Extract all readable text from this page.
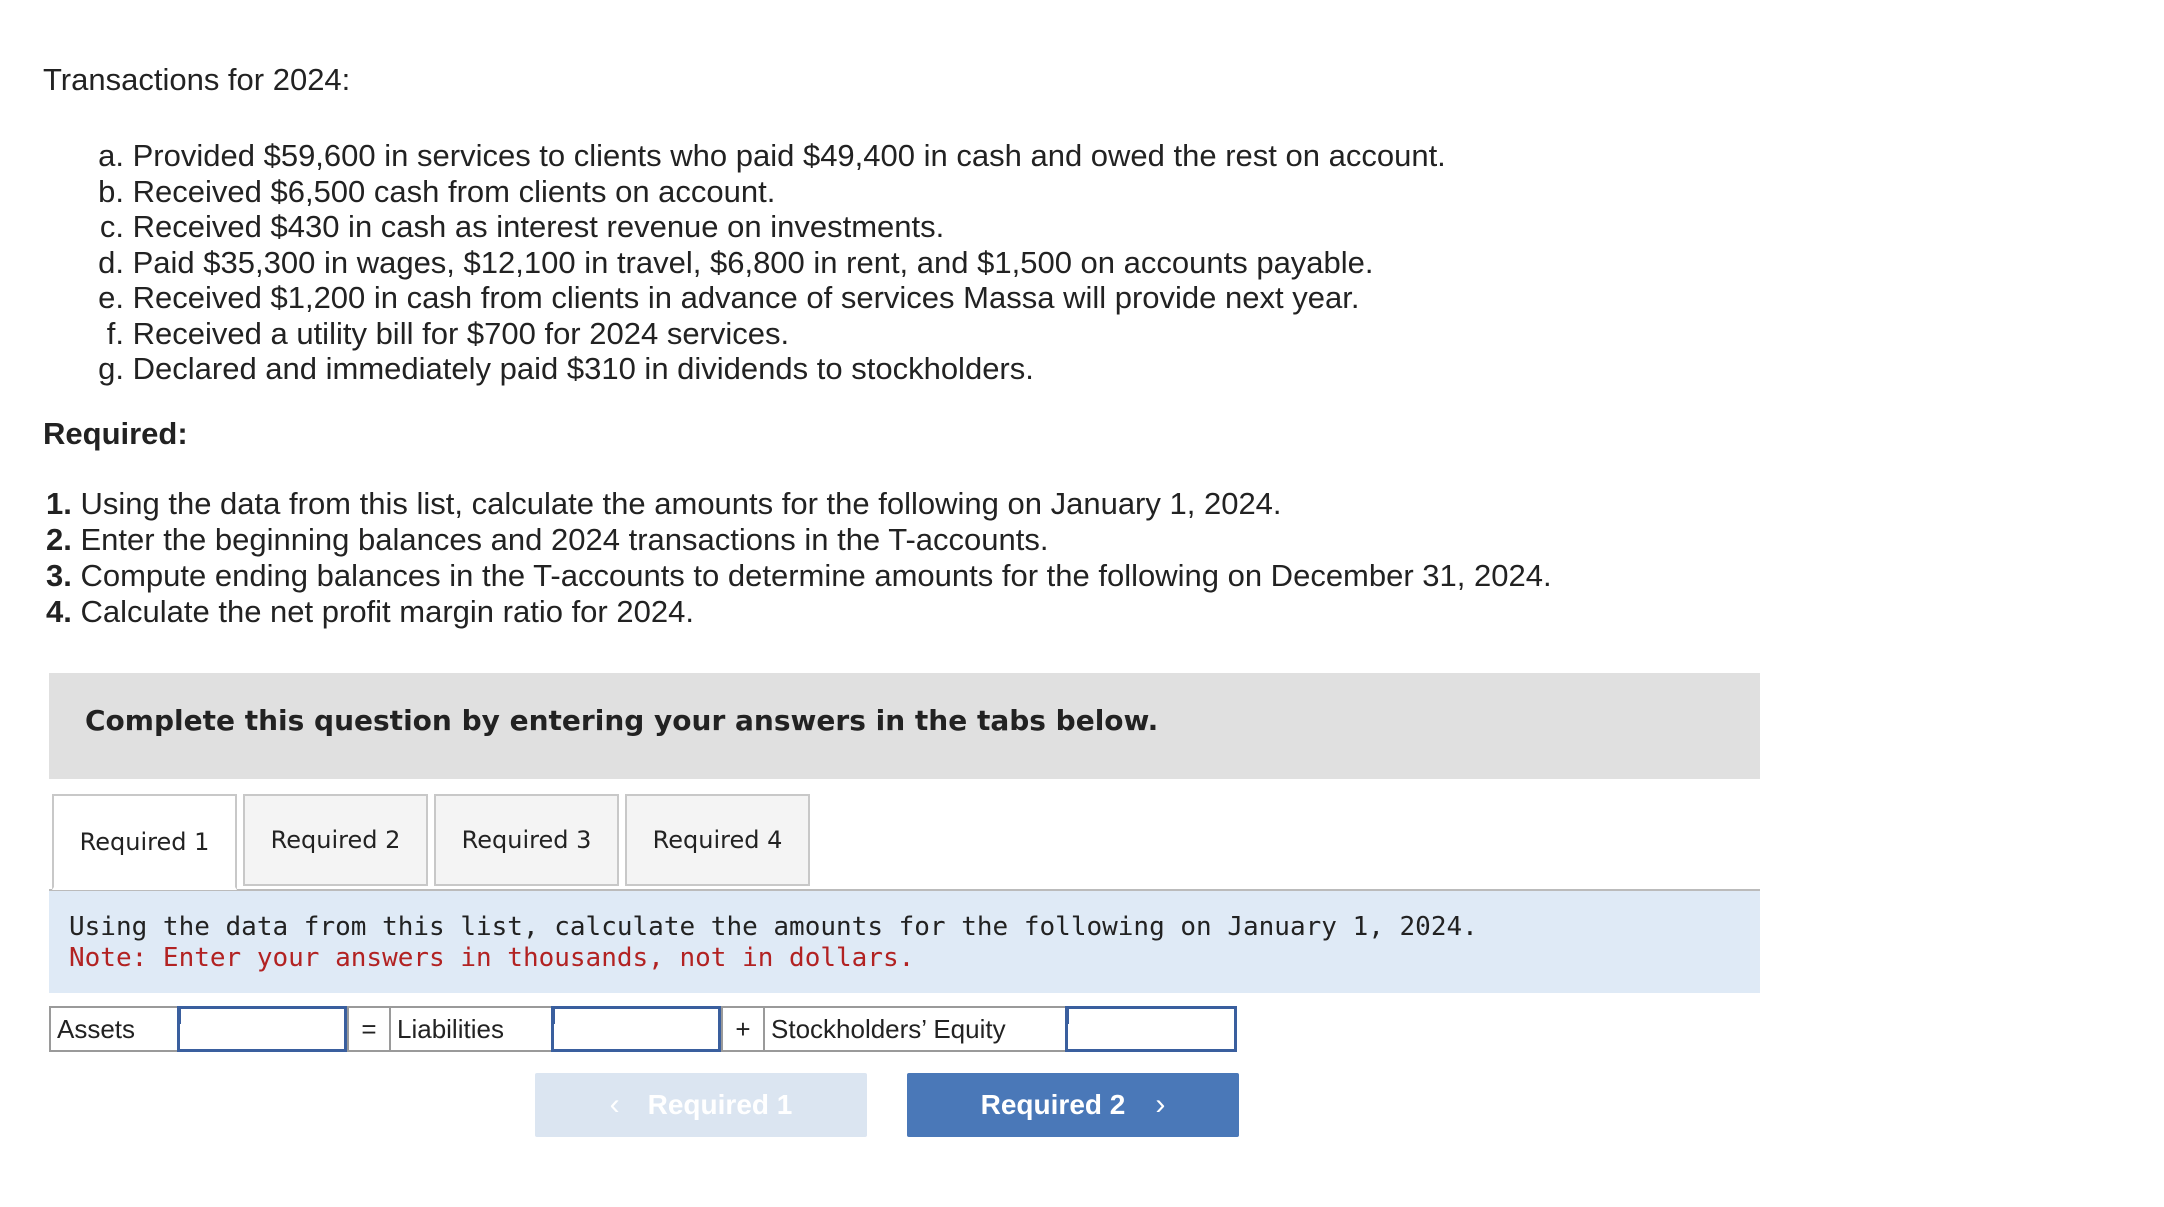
Transactions for 2024:
a. Provided $59,600 in services to clients who paid $49,400 in cash and owed the rest on account.
b. Received $6,500 cash from clients on account.
c. Received $430 in cash as interest revenue on investments.
d. Paid $35,300 in wages, $12,100 in travel, $6,800 in rent, and $1,500 on accounts payable.
e. Received $1,200 in cash from clients in advance of services Massa will provide next year.
f. Received a utility bill for $700 for 2024 services.
g. Declared and immediately paid $310 in dividends to stockholders.
Required:
1. Using the data from this list, calculate the amounts for the following on January 1, 2024.
2. Enter the beginning balances and 2024 transactions in the T-accounts.
3. Compute ending balances in the T-accounts to determine amounts for the following on December 31, 2024.
4. Calculate the net profit margin ratio for 2024.
Complete this question by entering your answers in the tabs below.
Required 1	Required 2	Required 3	Required 4
Using the data from this list, calculate the amounts for the following on January 1, 2024.
Note: Enter your answers in thousands, not in dollars.
Assets	= Liabilities	+ Stockholders’ Equity
‹ Required 1	Required 2 ›
